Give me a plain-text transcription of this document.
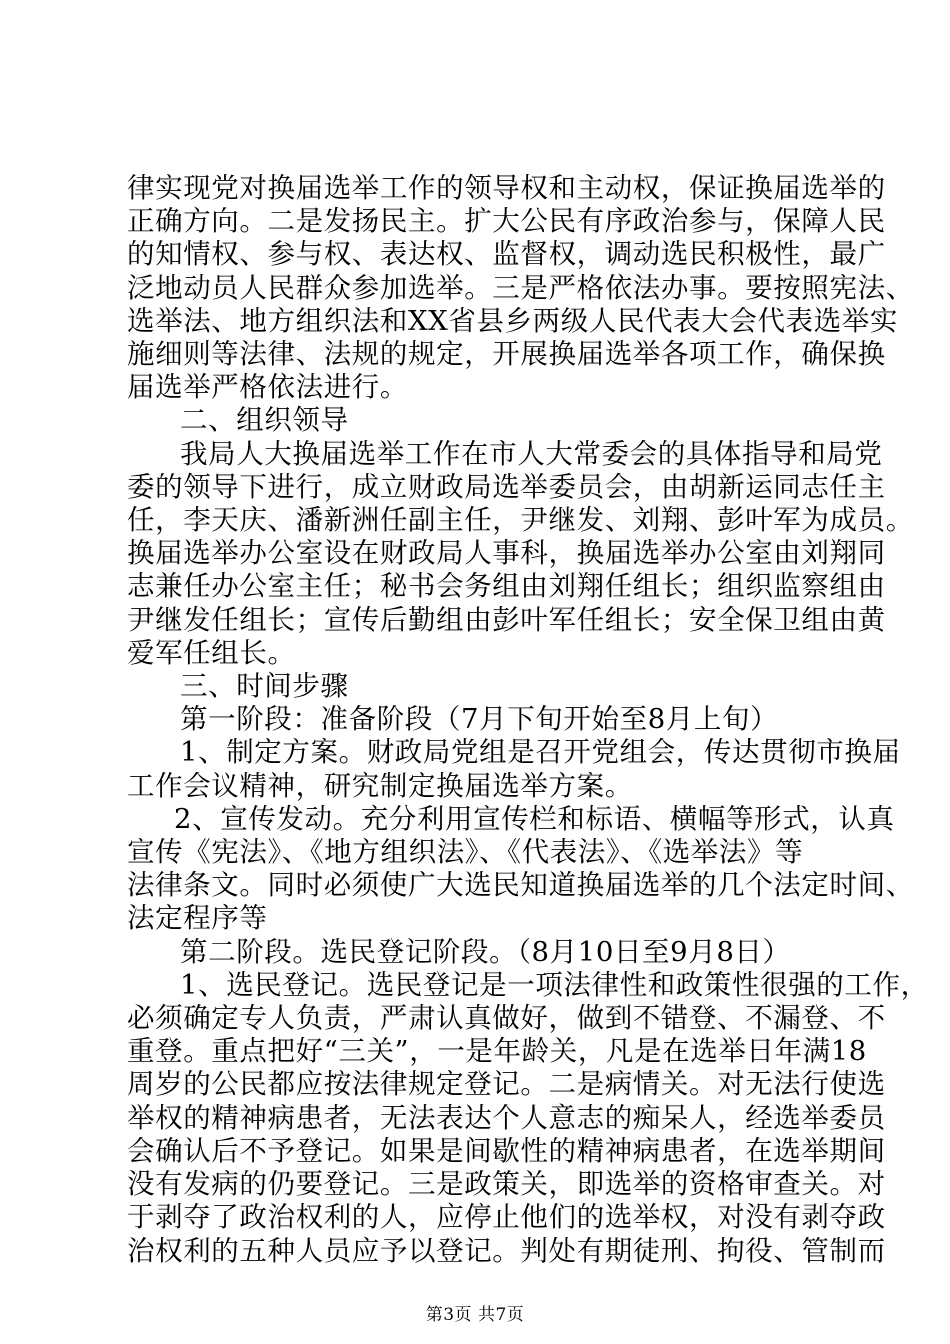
律实现党对换届选举工作的领导权和主动权，保证换届选举的

正确方向。二是发扬民主。扩大公民有序政治参与，保障人民

的知情权、参与权、表达权、监督权，调动选民积极性，最广

泛地动员人民群众参加选举。三是严格依法办事。要按照宪法、

选举法、地方组织法和XX省县乡两级人民代表大会代表选举实

施细则等法律、法规的规定，开展换届选举各项工作，确保换

届选举严格依法进行。

二、组织领导

我局人大换届选举工作在市人大常委会的具体指导和局党

委的领导下进行，成立财政局选举委员会，由胡新运同志任主

任，李天庆、潘新洲任副主任，尹继发、刘翔、彭叶军为成员。

换届选举办公室设在财政局人事科，换届选举办公室由刘翔同

志兼任办公室主任；秘书会务组由刘翔任组长；组织监察组由

尹继发任组长；宣传后勤组由彭叶军任组长；安全保卫组由黄

爱军任组长。

三、时间步骤

第一阶段：准备阶段（7月下旬开始至8月上旬）

1、制定方案。财政局党组是召开党组会，传达贯彻市换届

工作会议精神，研究制定换届选举方案。

2、宣传发动。充分利用宣传栏和标语、横幅等形式，认真

宣传《宪法》、《地方组织法》、《代表法》、《选举法》等

法律条文。同时必须使广大选民知道换届选举的几个法定时间、

法定程序等

第二阶段。选民登记阶段。（8月10日至9月8日）

1、选民登记。选民登记是一项法律性和政策性很强的工作，

必须确定专人负责，严肃认真做好，做到不错登、不漏登、不

重登。重点把好“三关”，一是年龄关，凡是在选举日年满18

周岁的公民都应按法律规定登记。二是病情关。对无法行使选

举权的精神病患者，无法表达个人意志的痴呆人，经选举委员

会确认后不予登记。如果是间歇性的精神病患者，在选举期间

没有发病的仍要登记。三是政策关，即选举的资格审查关。对

于剥夺了政治权利的人，应停止他们的选举权，对没有剥夺政

治权利的五种人员应予以登记。判处有期徒刑、拘役、管制而

第3页 共7页
